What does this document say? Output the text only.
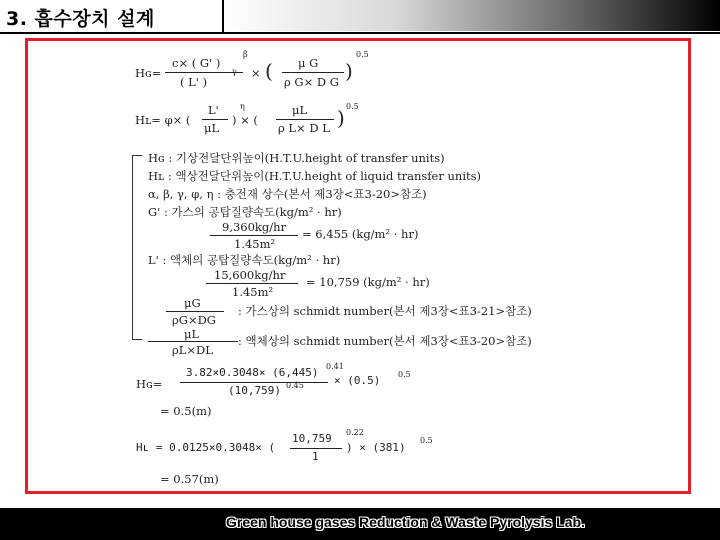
3. 흡수장치 설계
Hɢ=
c× ( G' )
β
( L' )
γ × ( μ G
ρ G× D G )
0.5
Hʟ= φ× (
L'
μL
η
) × (
μL
ρ L× D L ) 0.5
Hɢ : 기상전달단위높이(H.T.U.height of transfer units)
Hʟ : 액상전달단위높이(H.T.U.height of liquid transfer units)
α, β, γ, φ, η : 충전재 상수(본서 제3장<표3-20>참조)
G' : 가스의 공탑질량속도(kg/m² · hr)
9,360kg/hr
1.45m²
= 6,455 (kg/m² · hr)
L' : 액체의 공탑질량속도(kg/m² · hr)
15,600kg/hr
1.45m²
= 10,759 (kg/m² · hr)
μG
ρG×DG
: 가스상의 schmidt number(본서 제3장<표3-21>참조)
μL
ρL×DL
: 액체상의 schmidt number(본서 제3장<표3-20>참조)
Hɢ=
3.82×0.3048× (6,445) 0.41
(10,759) 0.45	× (0.5) 0.5
= 0.5(m)
Hʟ = 0.0125×0.3048× (
10,759
1
0.22
) × (381)
0.5
= 0.57(m)
Green house gases Reduction & Waste Pyrolysis Lab.
